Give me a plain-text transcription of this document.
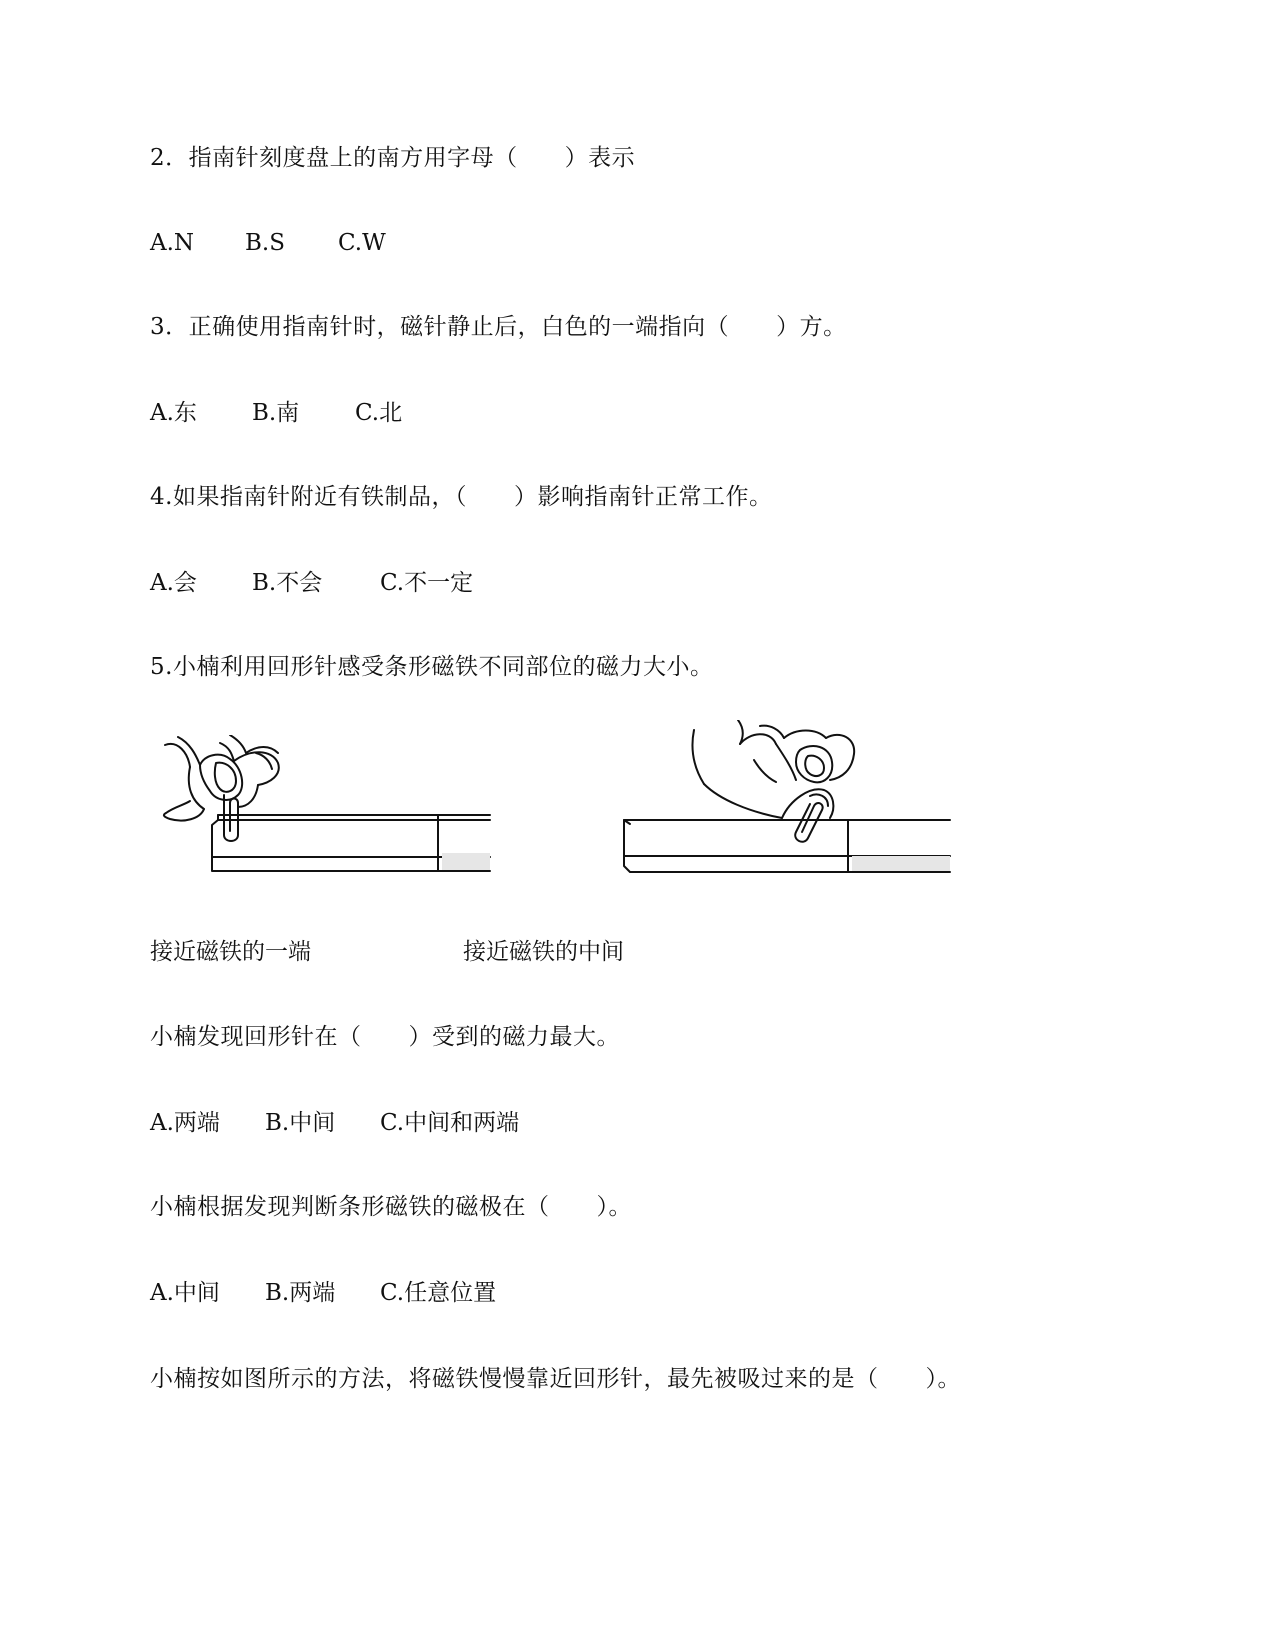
2．指南针刻度盘上的南方用字母（　　）表示
A.N B.S C.W
3．正确使用指南针时，磁针静止后，白色的一端指向（　　）方。
A.东 B.南 C.北
4.如果指南针附近有铁制品，（　　）影响指南针正常工作。
A.会 B.不会	C.不一定
5.小楠利用回形针感受条形磁铁不同部位的磁力大小。
接近磁铁的一端	接近磁铁的中间
小楠发现回形针在（　　）受到的磁力最大。
A.两端 B.中间 C.中间和两端
小楠根据发现判断条形磁铁的磁极在（　　）。
A.中间 B.两端 C.任意位置
小楠按如图所示的方法，将磁铁慢慢靠近回形针，最先被吸过来的是（　　）。
